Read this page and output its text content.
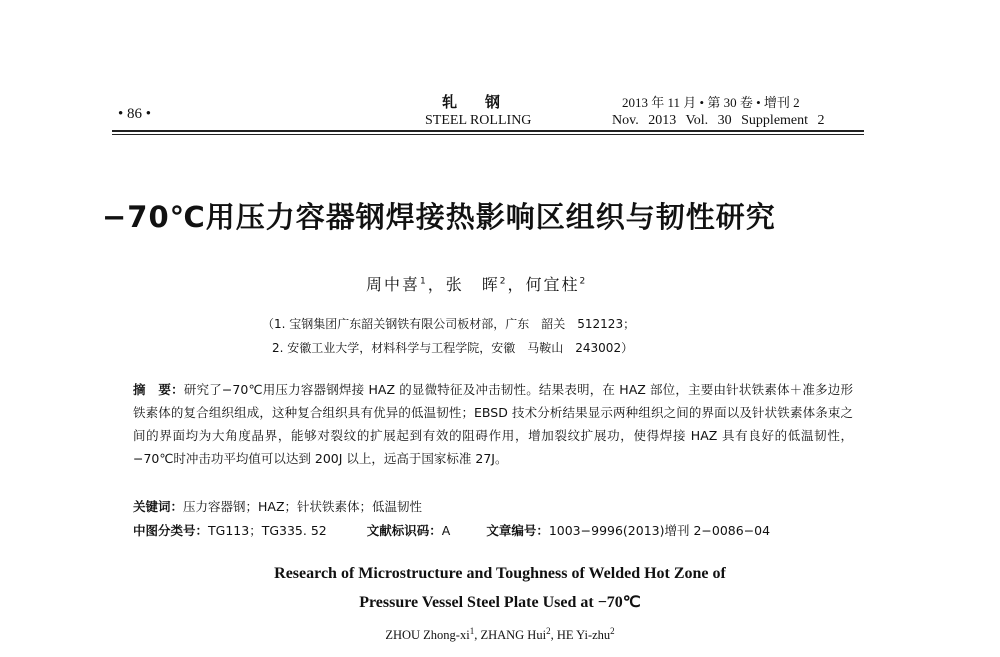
• 86 •
轧钢
STEEL ROLLING
2013 年 11 月 • 第 30 卷 • 增刊 2
Nov. 2013 Vol. 30 Supplement 2
−70℃用压力容器钢焊接热影响区组织与韧性研究
周中喜$^1$，张　晖$^2$，何宜柱$^2$
（1. 宝钢集团广东韶关钢铁有限公司板材部，广东　韶关　512123；
2. 安徽工业大学，材料科学与工程学院，安徽　马鞍山　243002）
摘　要：研究了−70℃用压力容器钢焊接 HAZ 的显微特征及冲击韧性。结果表明，在 HAZ 部位，主要由针状铁素体＋准多边形铁素体的复合组织组成，这种复合组织具有优异的低温韧性；EBSD 技术分析结果显示两种组织之间的界面以及针状铁素体条束之间的界面均为大角度晶界，能够对裂纹的扩展起到有效的阻碍作用，增加裂纹扩展功，使得焊接 HAZ 具有良好的低温韧性，−70℃时冲击功平均值可以达到 200J 以上，远高于国家标准 27J。
关键词：压力容器钢；HAZ；针状铁素体；低温韧性
中图分类号：TG113；TG335. 52	文献标识码：A	文章编号：1003−9996(2013)增刊 2−0086−04
Research of Microstructure and Toughness of Welded Hot Zone of
Pressure Vessel Steel Plate Used at −70℃
ZHOU Zhong-$xi^1$, ZHANG Hui$^2$, HE Yi-zhu$^2$
